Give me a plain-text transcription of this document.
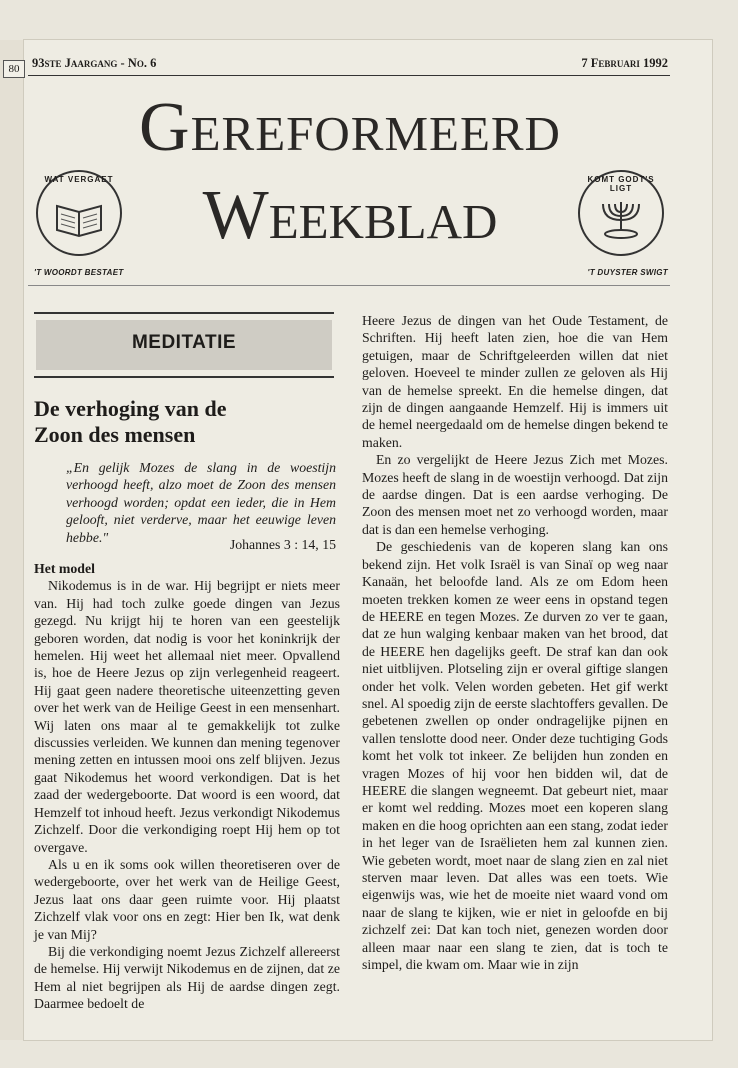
80	93ste Jaargang - No. 6	7 Februari 1992
Gereformeerd
Weekblad
WAT VERGAET	KOMT GODT'S LIGT
'T WOORDT BESTAET	'T DUYSTER SWIGT
MEDITATIE
De verhoging van de
Zoon des mensen
„En gelijk Mozes de slang in de woestijn verhoogd heeft, alzo moet de Zoon des mensen verhoogd worden; opdat een ieder, die in Hem gelooft, niet verderve, maar het eeuwige leven hebbe."	Johannes 3 : 14, 15

Het model

Nikodemus is in de war. Hij begrijpt er niets meer van. Hij had toch zulke goede dingen van Jezus gezegd. Nu krijgt hij te horen van een geestelijk geboren worden, dat nodig is voor het koninkrijk der hemelen. Hij weet het allemaal niet meer. Opvallend is, hoe de Heere Jezus op zijn verlegenheid reageert. Hij gaat geen nadere theoretische uiteenzetting geven over het werk van de Heilige Geest in een mensenhart. Wij laten ons maar al te gemakkelijk tot zulke discussies verleiden. We kunnen dan mening tegenover mening zetten en intussen mooi ons zelf blijven. Jezus gaat Nikodemus het woord verkondigen. Dat is het zaad der wedergeboorte. Dat woord is een woord, dat Hemzelf tot inhoud heeft. Jezus verkondigt Nikodemus Zichzelf. Door die verkondiging roept Hij hem op tot overgave.

Als u en ik soms ook willen theoretiseren over de wedergeboorte, over het werk van de Heilige Geest, Jezus laat ons daar geen ruimte voor. Hij plaatst Zichzelf vlak voor ons en zegt: Hier ben Ik, wat denk je van Mij?

Bij die verkondiging noemt Jezus Zichzelf allereerst de hemelse. Hij verwijt Nikodemus en de zijnen, dat ze Hem al niet begrijpen als Hij de aardse dingen zegt. Daarmee bedoelt de

Heere Jezus de dingen van het Oude Testament, de Schriften. Hij heeft laten zien, hoe die van Hem getuigen, maar de Schriftgeleerden willen dat niet geloven. Hoeveel te minder zullen ze geloven als Hij van de hemelse spreekt. En die hemelse dingen, dat zijn de dingen aangaande Hemzelf. Hij is immers uit de hemel neergedaald om de hemelse dingen bekend te maken.

En zo vergelijkt de Heere Jezus Zich met Mozes. Mozes heeft de slang in de woestijn verhoogd. Dat zijn de aardse dingen. Dat is een aardse verhoging. De Zoon des mensen moet net zo verhoogd worden, maar dat is dan een hemelse verhoging.

De geschiedenis van de koperen slang kan ons bekend zijn. Het volk Israël is van Sinaï op weg naar Kanaän, het beloofde land. Als ze om Edom heen moeten trekken komen ze weer eens in opstand tegen de HEERE en tegen Mozes. Ze durven zo ver te gaan, dat ze hun walging kenbaar maken van het brood, dat de HEERE hen dagelijks geeft. De straf kan dan ook niet uitblijven. Plotseling zijn er overal giftige slangen onder het volk. Velen worden gebeten. Het gif werkt snel. Al spoedig zijn de eerste slachtoffers gevallen. De gebetenen zwellen op onder ondragelijke pijnen en vallen tenslotte dood neer. Onder deze tuchtiging Gods komt het volk tot inkeer. Ze belijden hun zonden en vragen Mozes of hij voor hen bidden wil, dat de HEERE die slangen wegneemt. Dat gebeurt niet, maar er komt wel redding. Mozes moet een koperen slang maken en die hoog oprichten aan een stang, zodat ieder in het leger van de Israëlieten hem zal kunnen zien. Wie gebeten wordt, moet naar de slang zien en zal niet sterven maar leven. Dat alles was een toets. Wie eigenwijs was, wie het de moeite niet waard vond om naar de slang te kijken, wie er niet in geloofde en bij zichzelf zei: Dat kan toch niet, genezen worden door alleen maar naar een slang te zien, dat is toch te simpel, die kwam om. Maar wie in zijn
